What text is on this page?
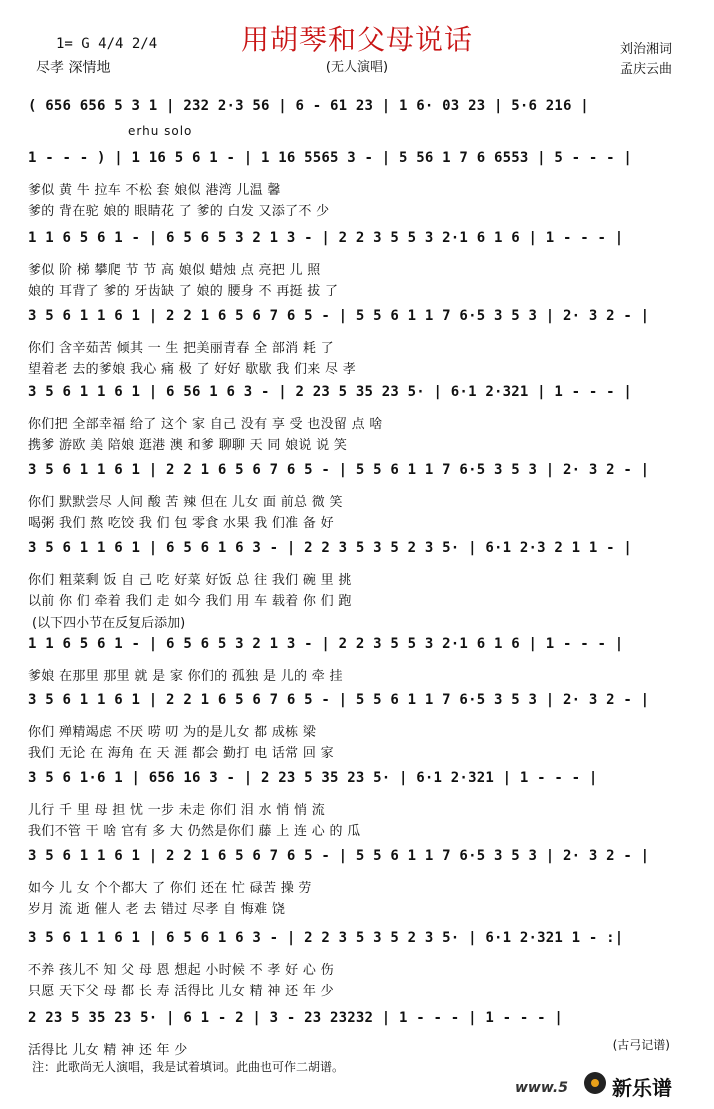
用胡琴和父母说话
(无人演唱)
1= G 4/4 2/4
尽孝 深情地
刘治湘词
孟庆云曲
erhu solo
( 656 656 5 3 1 | 232 2·3 56 | 6 - 61 23 | 1 6· 03 23 | 5·6 216 |
1 - - - ) | 1 16 5 6 1 - | 1 16 5565 3 - | 5 56 1 7 6 6553 | 5 - - - |
爹似 黄 牛 拉车 不松 套 娘似 港湾 儿温 馨
爹的 背在驼 娘的 眼睛花 了 爹的 白发 又添了不 少
1 1 6 5 6 1 - | 6 5 6 5 3 2 1 3 - | 2 2 3 5 5 3 2·1 6 1 6 | 1 - - - |
爹似 阶 梯 攀爬 节 节 高 娘似 蜡烛 点 亮把 儿 照
娘的 耳背了 爹的 牙齿缺 了 娘的 腰身 不 再挺 拔 了
3 5 6 1 1 6 1 | 2 2 1 6 5 6 7 6 5 - | 5 5 6 1 1 7 6·5 3 5 3 | 2· 3 2 - |
你们 含辛茹苦 倾其 一 生 把美丽青春 全 部消 耗 了
望着老 去的爹娘 我心 痛 极 了 好好 歇歇 我 们来 尽 孝
3 5 6 1 1 6 1 | 6 56 1 6 3 - | 2 23 5 35 23 5· | 6·1 2·321 | 1 - - - |
你们把 全部幸福 给了 这个 家 自己 没有 享 受 也没留 点 啥
携爹 游欧 美 陪娘 逛港 澳 和爹 聊聊 天 同 娘说 说 笑
3 5 6 1 1 6 1 | 2 2 1 6 5 6 7 6 5 - | 5 5 6 1 1 7 6·5 3 5 3 | 2· 3 2 - |
你们 默默尝尽 人间 酸 苦 辣 但在 儿女 面 前总 微 笑
喝粥 我们 熬 吃饺 我 们 包 零食 水果 我 们准 备 好
3 5 6 1 1 6 1 | 6 5 6 1 6 3 - | 2 2 3 5 3 5 2 3 5· | 6·1 2·3 2 1 1 - |
你们 粗菜剩 饭 自 己 吃 好菜 好饭 总 往 我们 碗 里 挑
以前 你 们 牵着 我们 走 如今 我们 用 车 载着 你 们 跑
1 1 6 5 6 1 - | 6 5 6 5 3 2 1 3 - | 2 2 3 5 5 3 2·1 6 1 6 | 1 - - - |
爹娘 在那里 那里 就 是 家 你们的 孤独 是 儿的 牵 挂
3 5 6 1 1 6 1 | 2 2 1 6 5 6 7 6 5 - | 5 5 6 1 1 7 6·5 3 5 3 | 2· 3 2 - |
你们 殚精竭虑 不厌 唠 叨 为的是儿女 都 成栋 梁
我们 无论 在 海角 在 天 涯 都会 勤打 电 话常 回 家
3 5 6 1·6 1 | 656 16 3 - | 2 23 5 35 23 5· | 6·1 2·321 | 1 - - - |
儿行 千 里 母 担 忧 一步 未走 你们 泪 水 悄 悄 流
我们不管 干 啥 官有 多 大 仍然是你们 藤 上 连 心 的 瓜
3 5 6 1 1 6 1 | 2 2 1 6 5 6 7 6 5 - | 5 5 6 1 1 7 6·5 3 5 3 | 2· 3 2 - |
如今 儿 女 个个都大 了 你们 还在 忙 碌苦 操 劳
岁月 流 逝 催人 老 去 错过 尽孝 自 悔难 饶
3 5 6 1 1 6 1 | 6 5 6 1 6 3 - | 2 2 3 5 3 5 2 3 5· | 6·1 2·321 1 - :|
不养 孩儿不 知 父 母 恩 想起 小时候 不 孝 好 心 伤
只愿 天下父 母 都 长 寿 活得比 儿女 精 神 还 年 少
2 23 5 35 23 5· | 6 1 - 2 | 3 - 23 23232 | 1 - - - | 1 - - - |
活得比 儿女 精 神 还 年 少
(以下四小节在反复后添加)
(古弓记谱)
注：此歌尚无人演唱，我是试着填词。此曲也可作二胡谱。
www.5 新乐谱
